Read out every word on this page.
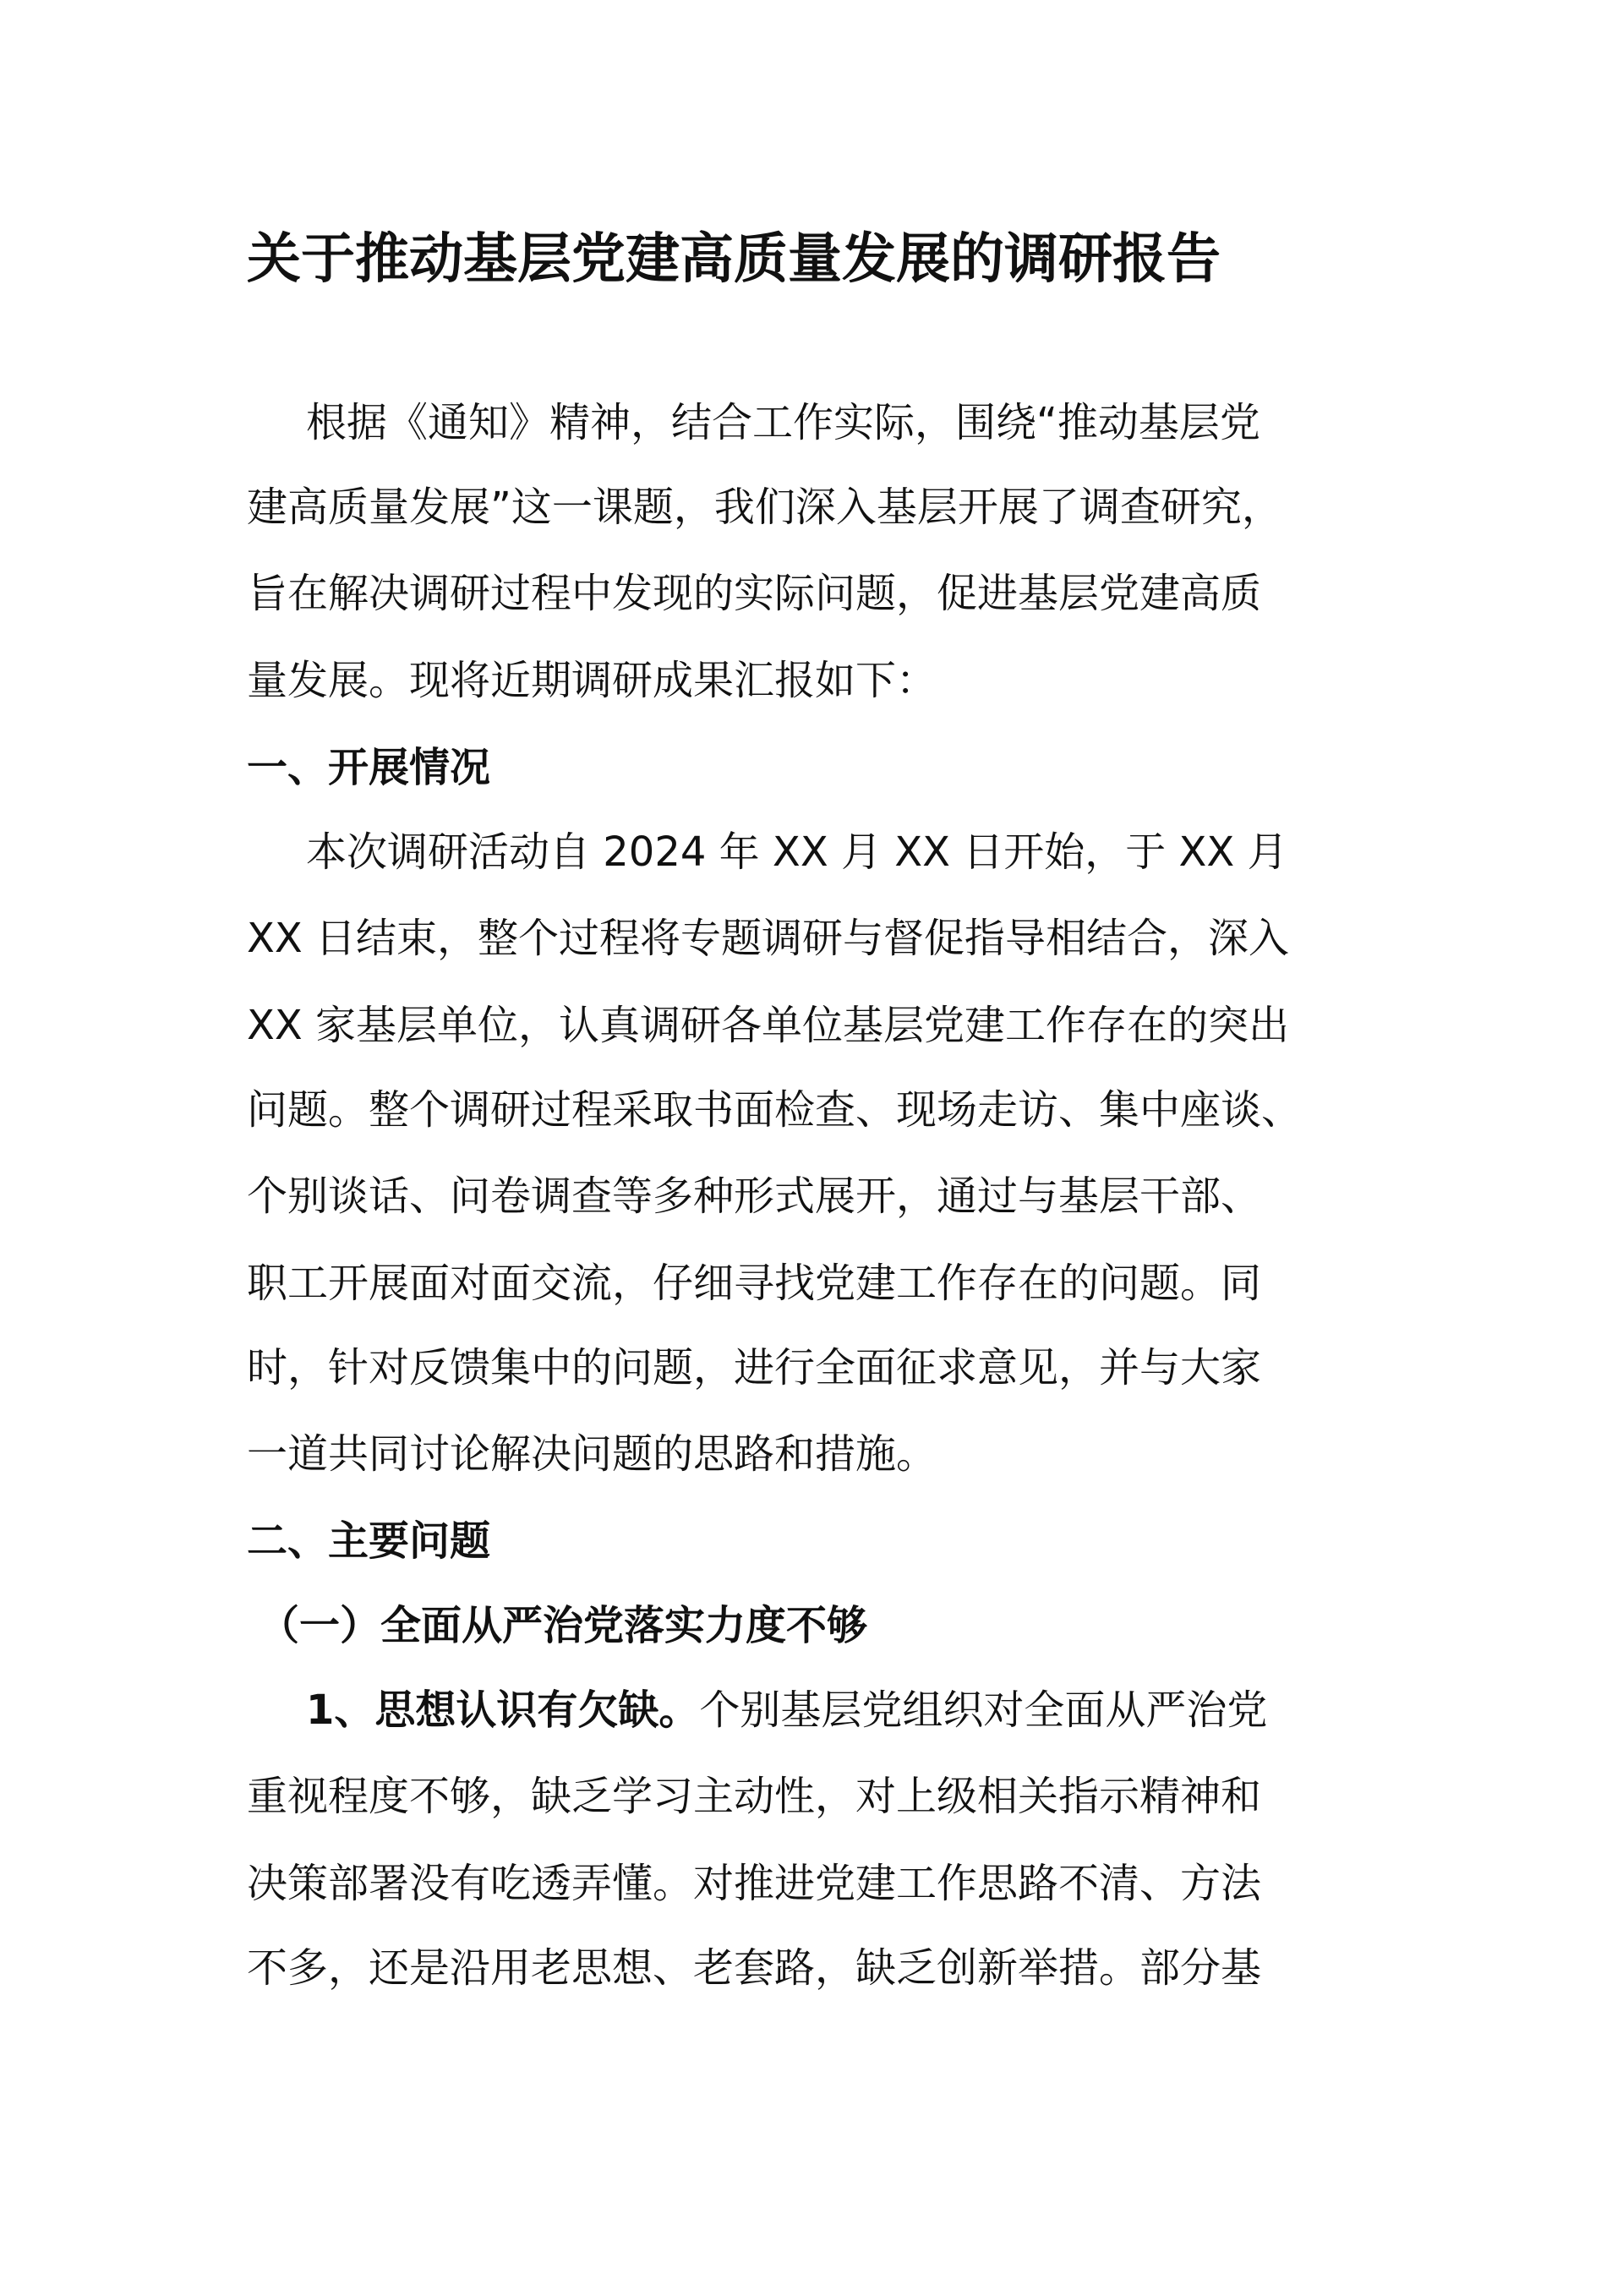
关于推动基层党建高质量发展的调研报告

根据《通知》精神，结合工作实际，围绕“推动基层党

建高质量发展”这一课题，我们深入基层开展了调查研究，

旨在解决调研过程中发现的实际问题，促进基层党建高质

量发展。现将近期调研成果汇报如下：

一、开展情况

本次调研活动自 2024 年 XX 月 XX 日开始，于 XX 月

XX 日结束，整个过程将专题调研与督促指导相结合，深入

XX 家基层单位，认真调研各单位基层党建工作存在的突出

问题。整个调研过程采取书面检查、现场走访、集中座谈、

个别谈话、问卷调查等多种形式展开，通过与基层干部、

职工开展面对面交流，仔细寻找党建工作存在的问题。同

时，针对反馈集中的问题，进行全面征求意见，并与大家

一道共同讨论解决问题的思路和措施。

二、主要问题

（一）全面从严治党落实力度不够

1、思想认识有欠缺。个别基层党组织对全面从严治党

重视程度不够，缺乏学习主动性，对上级相关指示精神和

决策部署没有吃透弄懂。对推进党建工作思路不清、方法

不多，还是沿用老思想、老套路，缺乏创新举措。部分基
